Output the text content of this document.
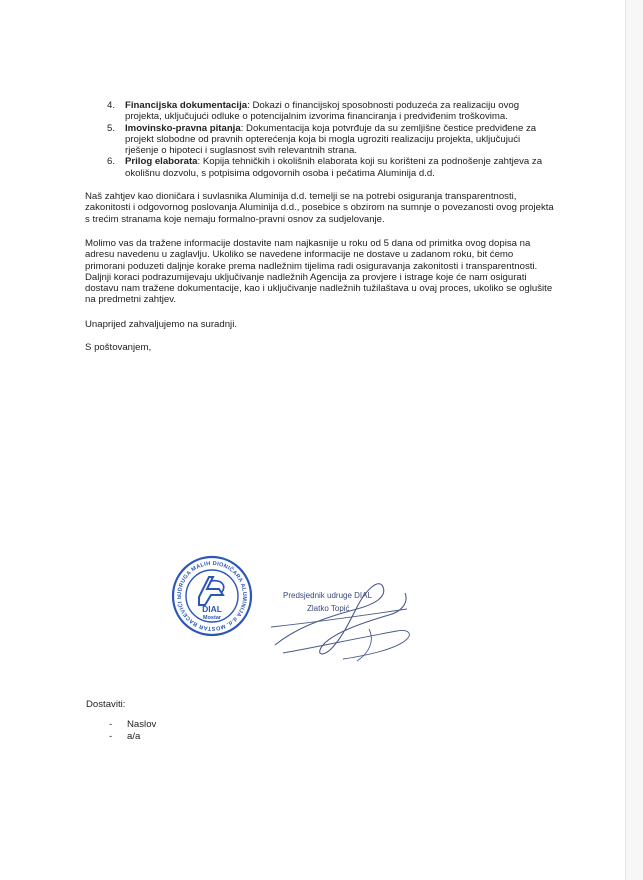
4. Financijska dokumentacija: Dokazi o financijskoj sposobnosti poduzeća za realizaciju ovog projekta, uključujući odluke o potencijalnim izvorima financiranja i predviđenim troškovima.
5. Imovinsko-pravna pitanja: Dokumentacija koja potvrđuje da su zemljišne čestice predviđene za projekt slobodne od pravnih opterećenja koja bi mogla ugroziti realizaciju projekta, uključujući rješenje o hipoteci i suglasnost svih relevantnih strana.
6. Prilog elaborata: Kopija tehničkih i okolišnih elaborata koji su korišteni za podnošenje zahtjeva za okolišnu dozvolu, s potpisima odgovornih osoba i pečatima Aluminija d.d.

Naš zahtjev kao dioničara i suvlasnika Aluminija d.d. temelji se na potrebi osiguranja transparentnosti, zakonitosti i odgovornog poslovanja Aluminija d.d., posebice s obzirom na sumnje o povezanosti ovog projekta s trećim stranama koje nemaju formalno-pravni osnov za sudjelovanje.

Molimo vas da tražene informacije dostavite nam najkasnije u roku od 5 dana od primitka ovog dopisa na adresu navedenu u zaglavlju. Ukoliko se navedene informacije ne dostave u zadanom roku, bit ćemo primorani poduzeti daljnje korake prema nadležnim tijelima radi osiguravanja zakonitosti i transparentnosti. Daljnji koraci podrazumijevaju uključivanje nadležnih Agencija za provjere i istrage koje će nam osigurati dostavu nam tražene dokumentacije, kao i uključivanje nadležnih tužilaštava u ovaj proces, ukoliko se oglušite na predmetni zahtjev.

Unaprijed zahvaljujemo na suradnji.

S poštovanjem,

UDRUGA MALIH DIONIČARA ALUMINIJA d.d. MOSTAR BACEVIĆI b
DIAL
Mostar
Predsjednik udruge DIAL
Zlatko Topić
Dostaviti:
- Naslov
- a/a
